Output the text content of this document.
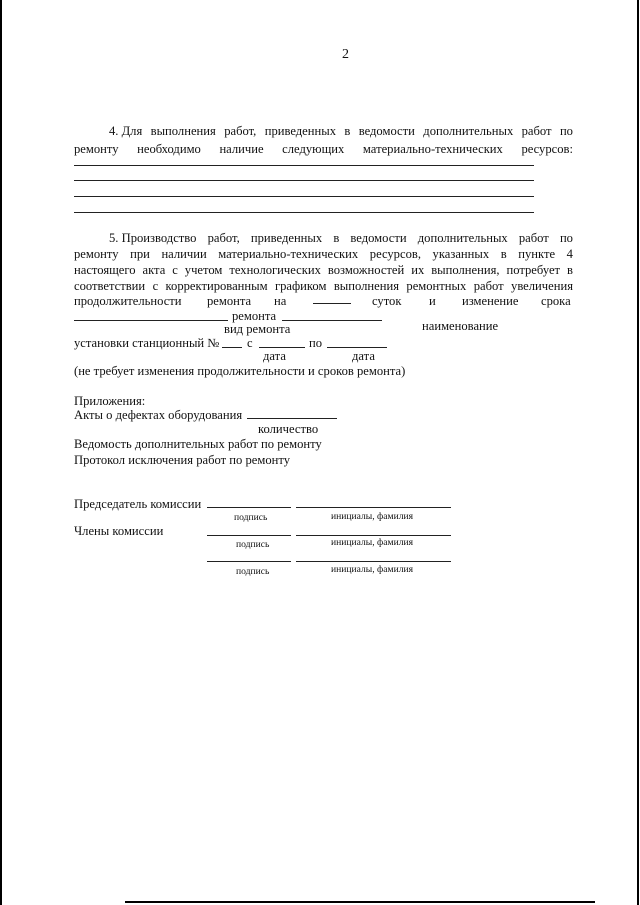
2
4. Для выполнения работ, приведенных в ведомости дополнительных работ по
ремонту необходимо наличие следующих материально-технических ресурсов:
5. Производство работ, приведенных в ведомости дополнительных работ по
ремонту при наличии материально-технических ресурсов, указанных в пункте 4
настоящего акта с учетом технологических возможностей их выполнения, потребует в
соответствии с корректированным графиком выполнения ремонтных работ увеличения
продолжительности ремонта на	суток и изменение срока
ремонта
вид ремонта	наименование
установки станционный № с	по
дата	дата
(не требует изменения продолжительности и сроков ремонта)
Приложения:
Акты о дефектах оборудования
количество
Ведомость дополнительных работ по ремонту
Протокол исключения работ по ремонту
Председатель комиссии
подпись	инициалы, фамилия
Члены комиссии
подпись	инициалы, фамилия
подпись	инициалы, фамилия
